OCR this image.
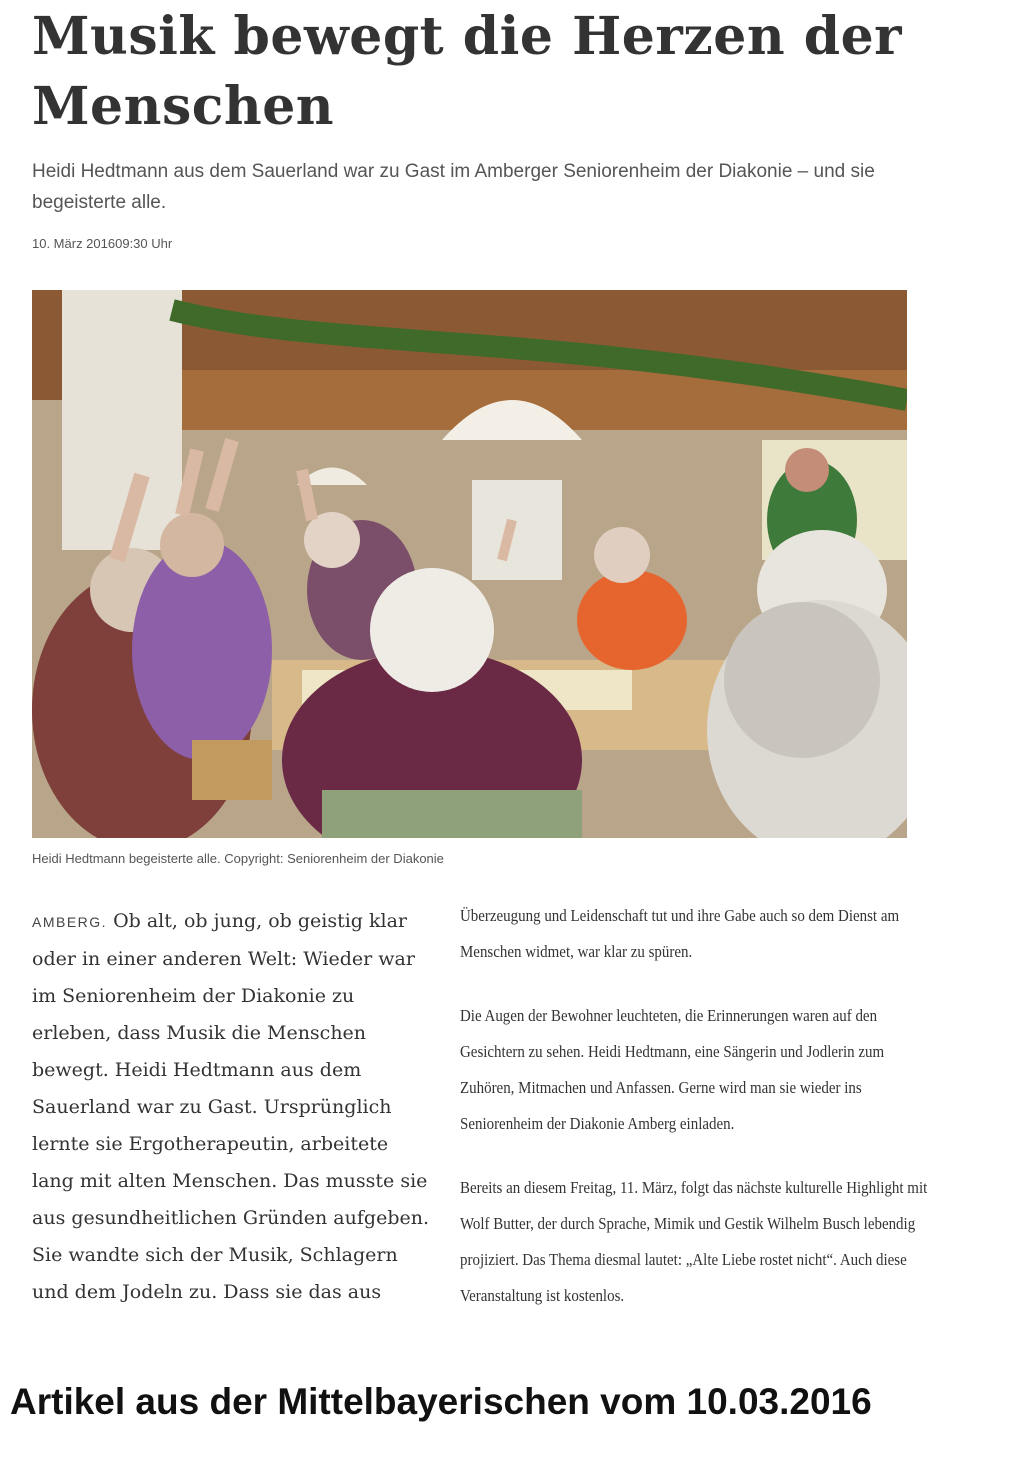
Musik bewegt die Herzen der Menschen
Heidi Hedtmann aus dem Sauerland war zu Gast im Amberger Seniorenheim der Diakonie – und sie begeisterte alle.
10. März 201609:30 Uhr
Heidi Hedtmann begeisterte alle. Copyright: Seniorenheim der Diakonie
AMBERG. Ob alt, ob jung, ob geistig klar oder in einer anderen Welt: Wieder war im Seniorenheim der Diakonie zu erleben, dass Musik die Menschen bewegt. Heidi Hedtmann aus dem Sauerland war zu Gast. Ursprünglich lernte sie Ergotherapeutin, arbeitete lang mit alten Menschen. Das musste sie aus gesundheitlichen Gründen aufgeben. Sie wandte sich der Musik, Schlagern und dem Jodeln zu. Dass sie das aus

Überzeugung und Leidenschaft tut und ihre Gabe auch so dem Dienst am Menschen widmet, war klar zu spüren.

Die Augen der Bewohner leuchteten, die Erinnerungen waren auf den Gesichtern zu sehen. Heidi Hedtmann, eine Sängerin und Jodlerin zum Zuhören, Mitmachen und Anfassen. Gerne wird man sie wieder ins Seniorenheim der Diakonie Amberg einladen.

Bereits an diesem Freitag, 11. März, folgt das nächste kulturelle Highlight mit Wolf Butter, der durch Sprache, Mimik und Gestik Wilhelm Busch lebendig projiziert. Das Thema diesmal lautet: „Alte Liebe rostet nicht“. Auch diese Veranstaltung ist kostenlos.

Artikel aus der Mittelbayerischen vom 10.03.2016
